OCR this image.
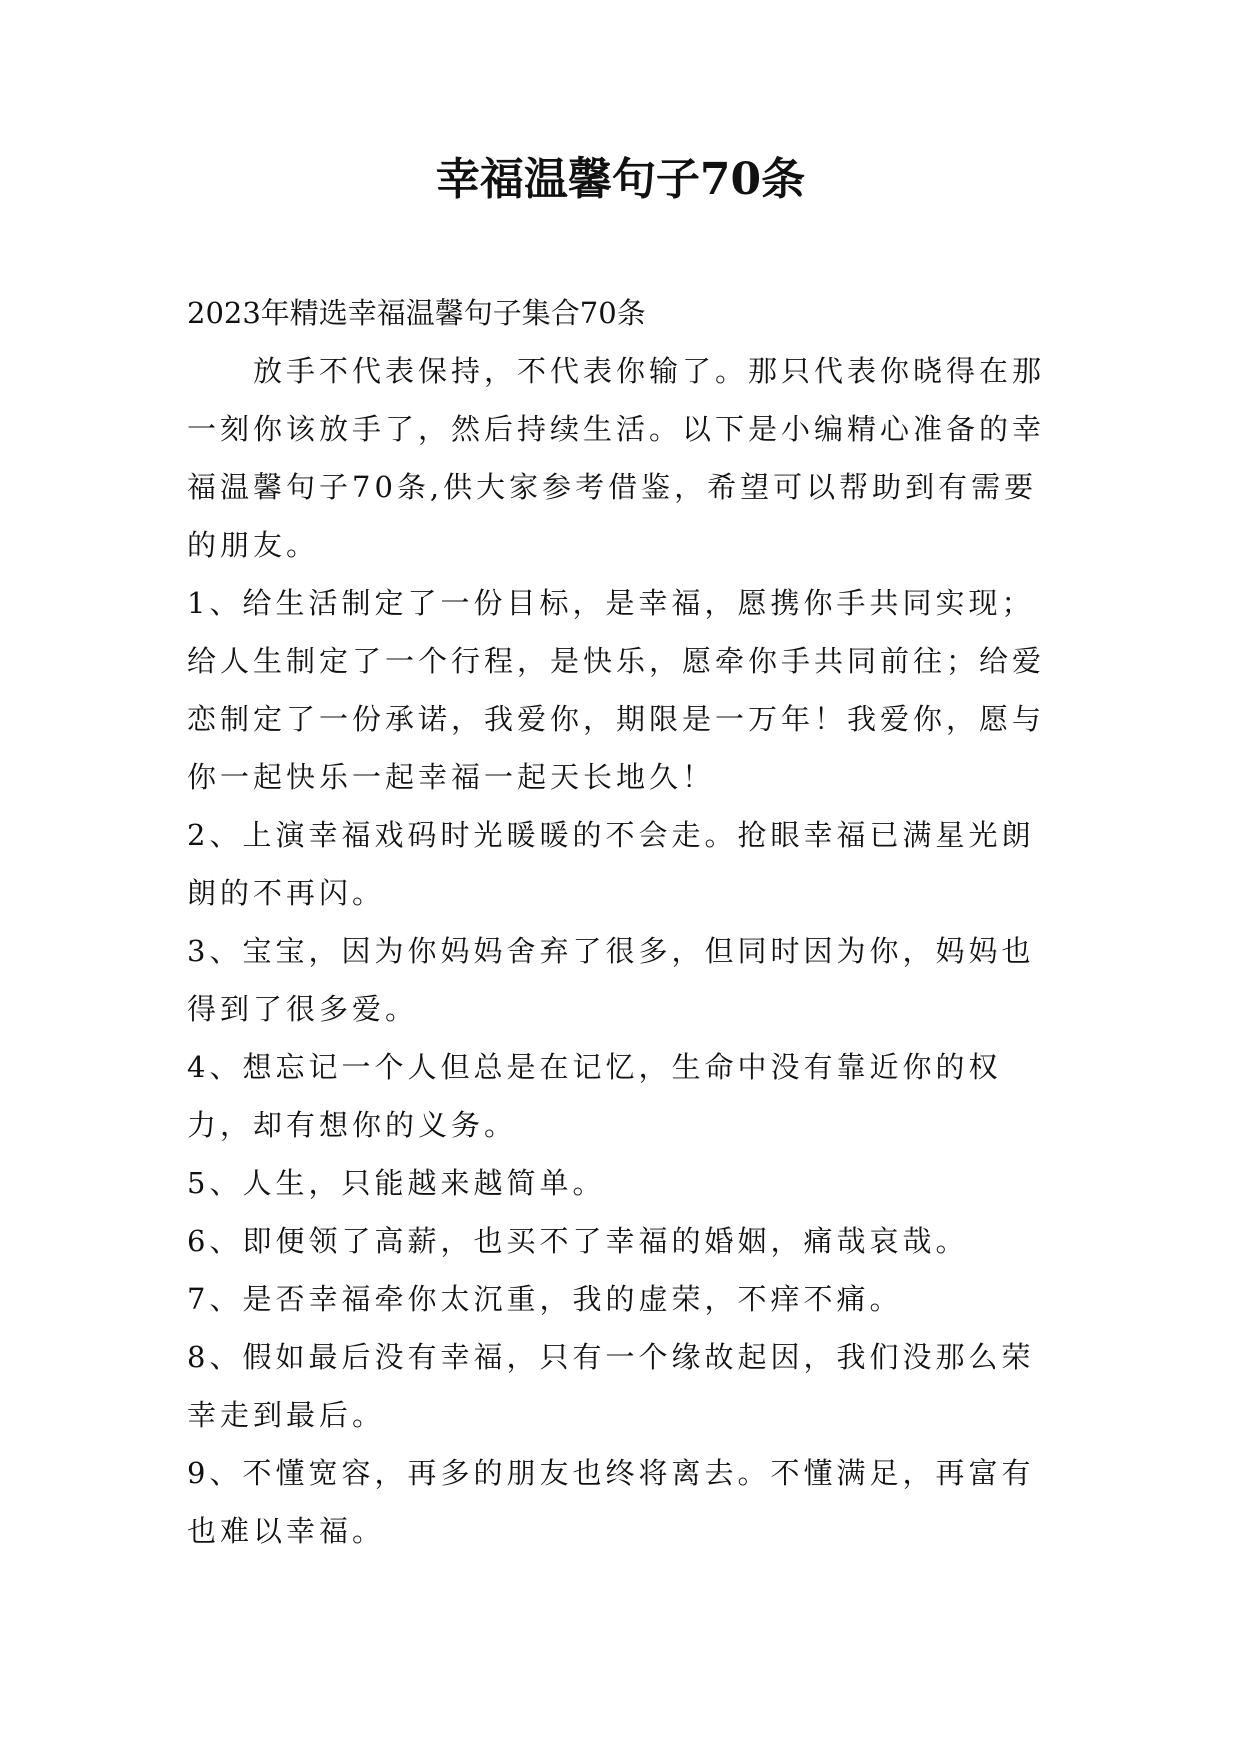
幸福温馨句子70条

2023年精选幸福温馨句子集合70条

放手不代表保持，不代表你输了。那只代表你晓得在那一刻你该放手了，然后持续生活。以下是小编精心准备的幸福温馨句子70条,供大家参考借鉴，希望可以帮助到有需要的朋友。

1、给生活制定了一份目标，是幸福，愿携你手共同实现；给人生制定了一个行程，是快乐，愿牵你手共同前往；给爱恋制定了一份承诺，我爱你，期限是一万年！我爱你，愿与你一起快乐一起幸福一起天长地久！

2、上演幸福戏码时光暖暖的不会走。抢眼幸福已满星光朗朗的不再闪。

3、宝宝，因为你妈妈舍弃了很多，但同时因为你，妈妈也得到了很多爱。

4、想忘记一个人但总是在记忆，生命中没有靠近你的权力，却有想你的义务。

5、人生，只能越来越简单。

6、即便领了高薪，也买不了幸福的婚姻，痛哉哀哉。

7、是否幸福牵你太沉重，我的虚荣，不痒不痛。

8、假如最后没有幸福，只有一个缘故起因，我们没那么荣幸走到最后。

9、不懂宽容，再多的朋友也终将离去。不懂满足，再富有也难以幸福。
